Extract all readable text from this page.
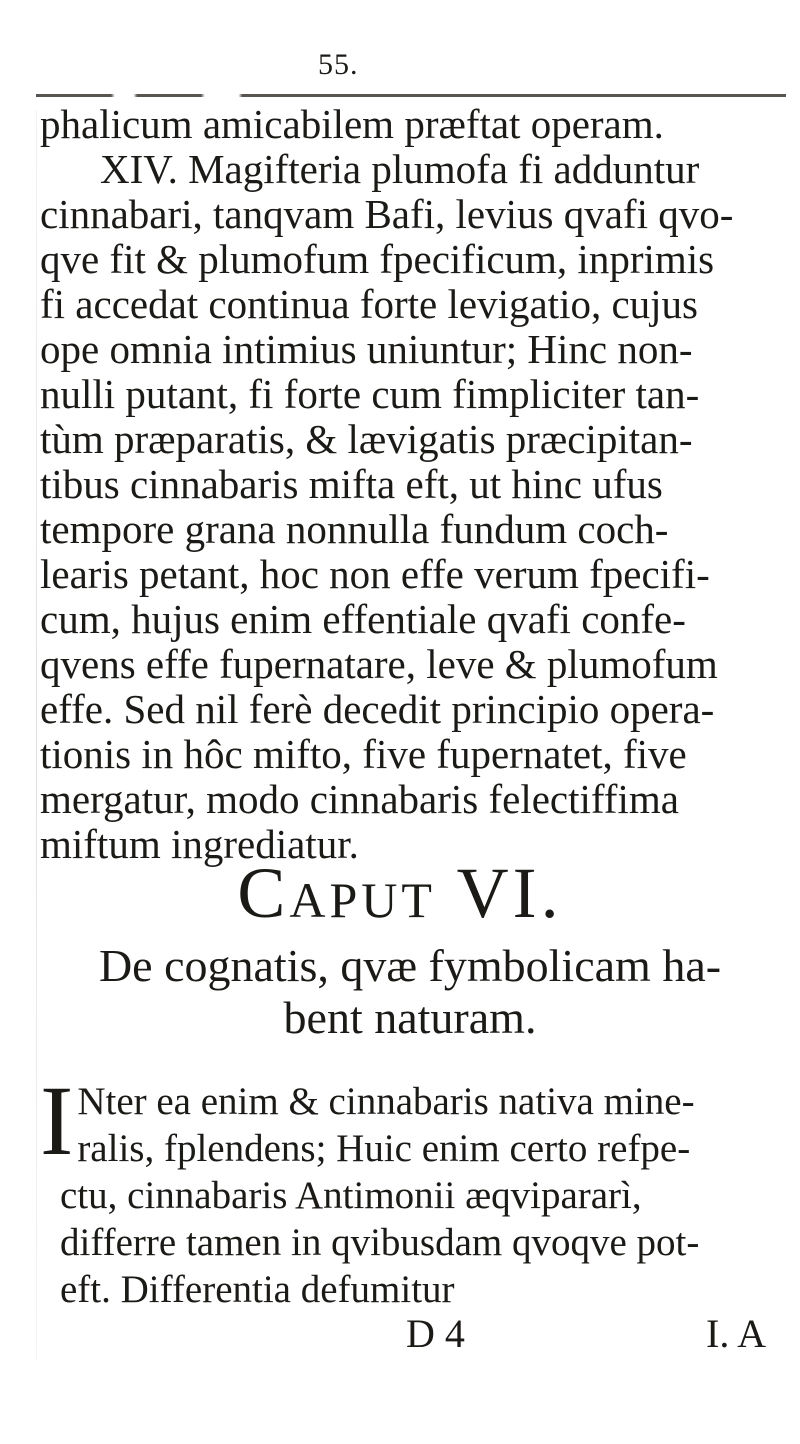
55.
phalicum amicabilem præftat operam.
XIV. Magifteria plumofa fi adduntur
cinnabari, tanqvam Bafi, levius qvafi qvo-
qve fit & plumofum fpecificum, inprimis
fi accedat continua forte levigatio, cujus
ope omnia intimius uniuntur; Hinc non-
nulli putant, fi forte cum fimpliciter tan-
tùm præparatis, & lævigatis præcipitan-
tibus cinnabaris mifta eft, ut hinc ufus
tempore grana nonnulla fundum coch-
learis petant, hoc non effe verum fpecifi-
cum, hujus enim effentiale qvafi confe-
qvens effe fupernatare, leve & plumofum
effe. Sed nil ferè decedit principio opera-
tionis in hôc mifto, five fupernatet, five
mergatur, modo cinnabaris felectiffima
miftum ingrediatur.
Caput VI.
De cognatis, qvæ fymbolicam ha-
bent naturam.
I Nter ea enim & cinnabaris nativa mine-
ralis, fplendens; Huic enim certo refpe-
ctu, cinnabaris Antimonii æqvipararì,
differre tamen in qvibusdam qvoqve pot-
eft. Differentia defumitur
D 4	I. A
